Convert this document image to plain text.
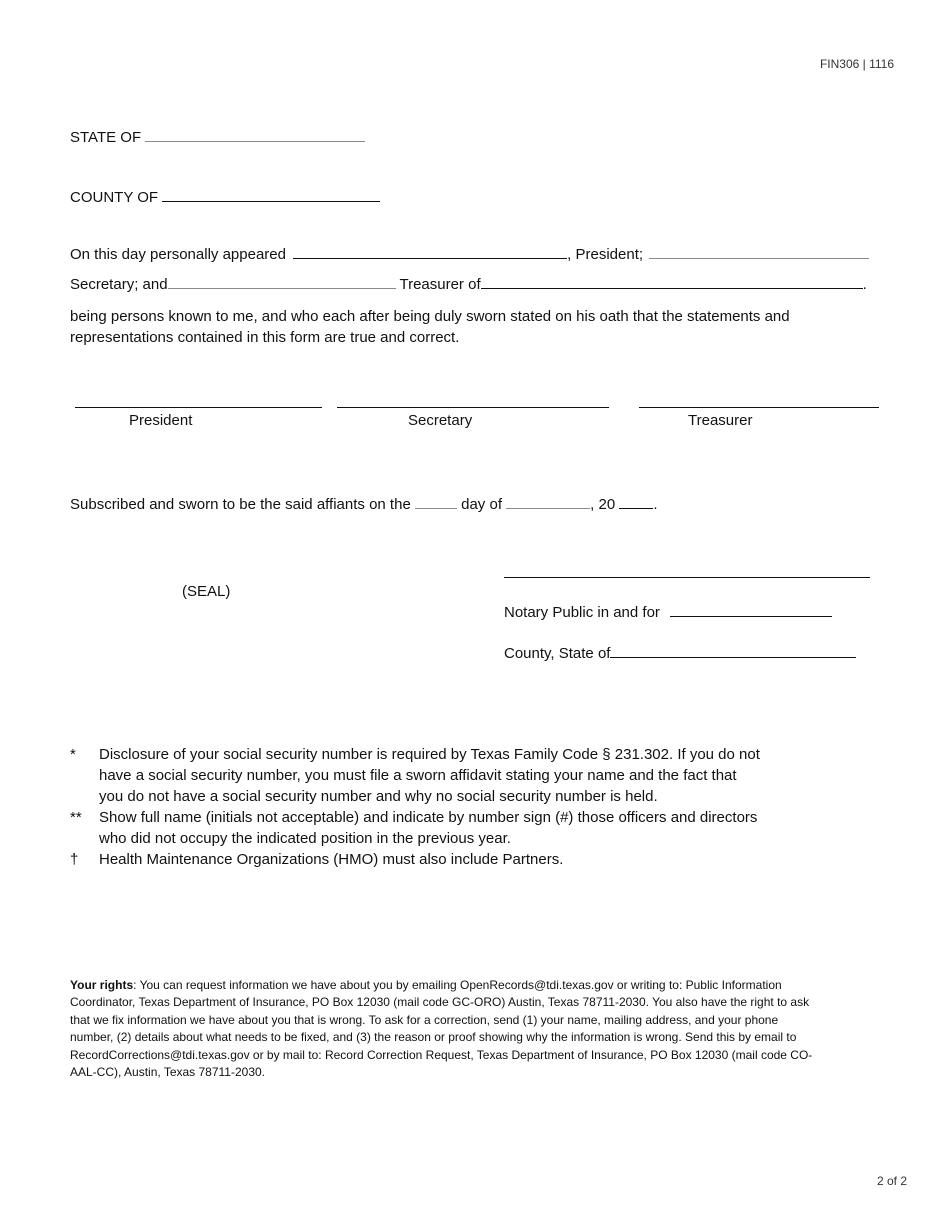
FIN306 | 1116
STATE OF
COUNTY OF
On this day personally appeared	, President;
Secretary; and	Treasurer of	.
being persons known to me, and who each after being duly sworn stated on his oath that the statements and
representations contained in this form are true and correct.
President	Secretary	Treasurer
Subscribed and sworn to be the said affiants on the	day of	, 20	.
(SEAL)
Notary Public in and for
County, State of
*	Disclosure of your social security number is required by Texas Family Code § 231.302. If you do not
have a social security number, you must file a sworn affidavit stating your name and the fact that
you do not have a social security number and why no social security number is held.
**	Show full name (initials not acceptable) and indicate by number sign (#) those officers and directors
who did not occupy the indicated position in the previous year.
†	Health Maintenance Organizations (HMO) must also include Partners.
Your rights: You can request information we have about you by emailing OpenRecords@tdi.texas.gov or writing to: Public Information
Coordinator, Texas Department of Insurance, PO Box 12030 (mail code GC-ORO) Austin, Texas 78711-2030. You also have the right to ask
that we fix information we have about you that is wrong. To ask for a correction, send (1) your name, mailing address, and your phone
number, (2) details about what needs to be fixed, and (3) the reason or proof showing why the information is wrong. Send this by email to
RecordCorrections@tdi.texas.gov or by mail to: Record Correction Request, Texas Department of Insurance, PO Box 12030 (mail code CO-
AAL-CC), Austin, Texas 78711-2030.
2 of 2
